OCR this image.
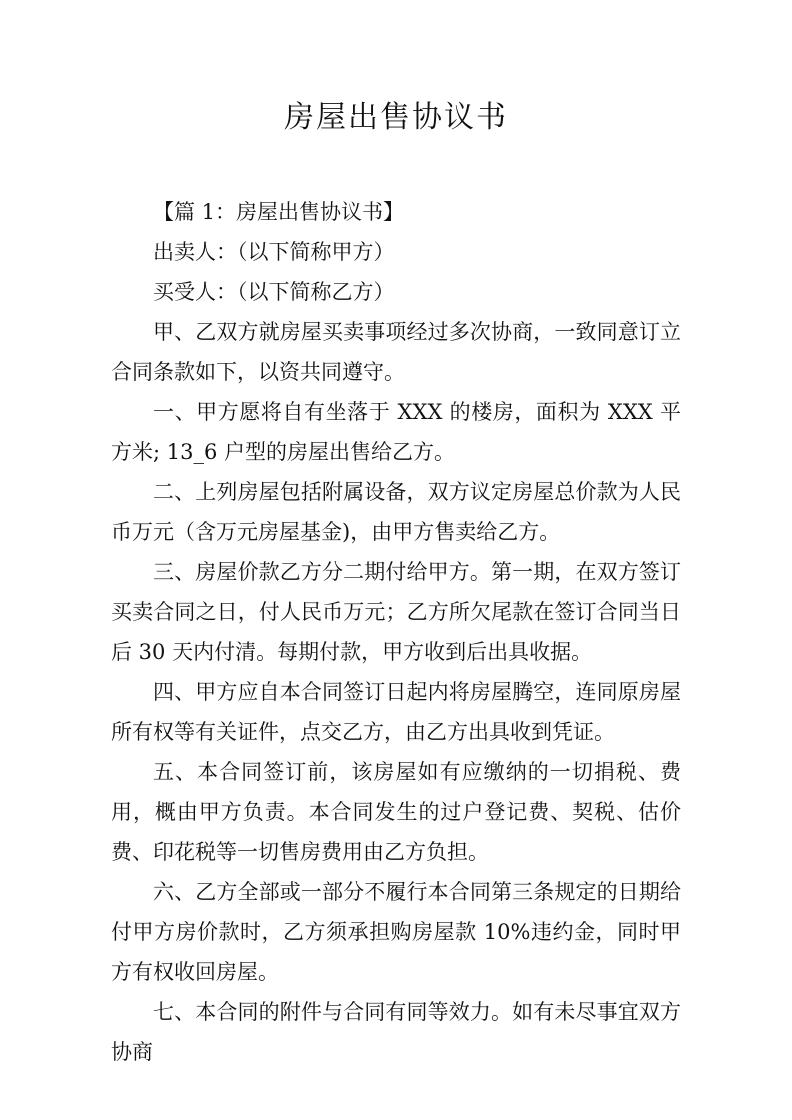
房屋出售协议书

【篇 1：房屋出售协议书】

出卖人：（以下简称甲方）

买受人：（以下简称乙方）

甲、乙双方就房屋买卖事项经过多次协商，一致同意订立合同条款如下，以资共同遵守。

一、甲方愿将自有坐落于 XXX 的楼房，面积为 XXX 平方米; 13_6 户型的房屋出售给乙方。

二、上列房屋包括附属设备，双方议定房屋总价款为人民币万元（含万元房屋基金)，由甲方售卖给乙方。

三、房屋价款乙方分二期付给甲方。第一期，在双方签订买卖合同之日，付人民币万元；乙方所欠尾款在签订合同当日后 30 天内付清。每期付款，甲方收到后出具收据。

四、甲方应自本合同签订日起内将房屋腾空，连同原房屋所有权等有关证件，点交乙方，由乙方出具收到凭证。

五、本合同签订前，该房屋如有应缴纳的一切捐税、费用，概由甲方负责。本合同发生的过户登记费、契税、估价费、印花税等一切售房费用由乙方负担。

六、乙方全部或一部分不履行本合同第三条规定的日期给付甲方房价款时，乙方须承担购房屋款 10%违约金，同时甲方有权收回房屋。

七、本合同的附件与合同有同等效力。如有未尽事宜双方协商
